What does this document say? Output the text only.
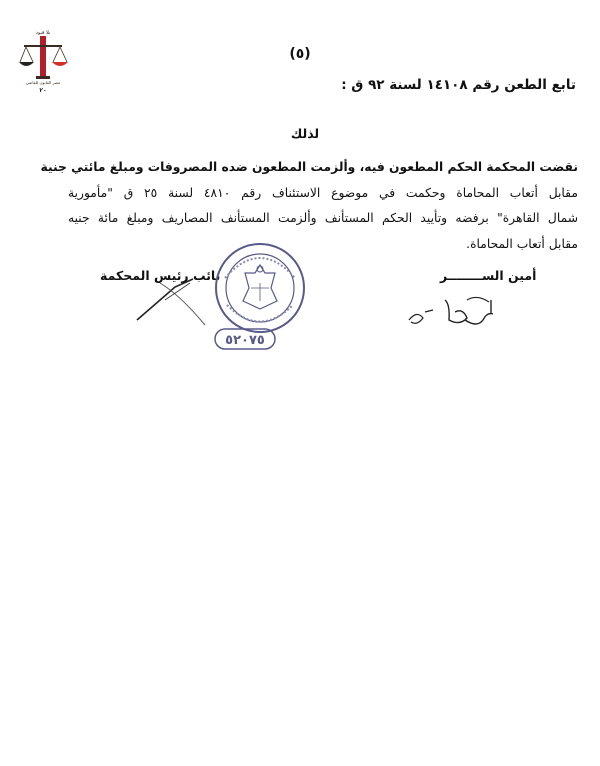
بلا قيود
مصر القانون للقاضي
٢٠
(٥)
تابع الطعن رقم ١٤١٠٨ لسنة ٩٢ ق :
لذلك
نقضت المحكمة الحكم المطعون فيه، وألزمت المطعون ضده المصروفات ومبلغ مائتي جنية
مقابل أتعاب المحاماة وحكمت في موضوع الاستئناف رقم ٤٨١٠ لسنة ٢٥ ق "مأمورية
شمال القاهرة" برفضه وتأييد الحكم المستأنف وألزمت المستأنف المصاريف ومبلغ مائة جنيه
مقابل أتعاب المحاماة.
نائب رئيس المحكمة	أمين الســــــــر
٥٢٠٧٥
